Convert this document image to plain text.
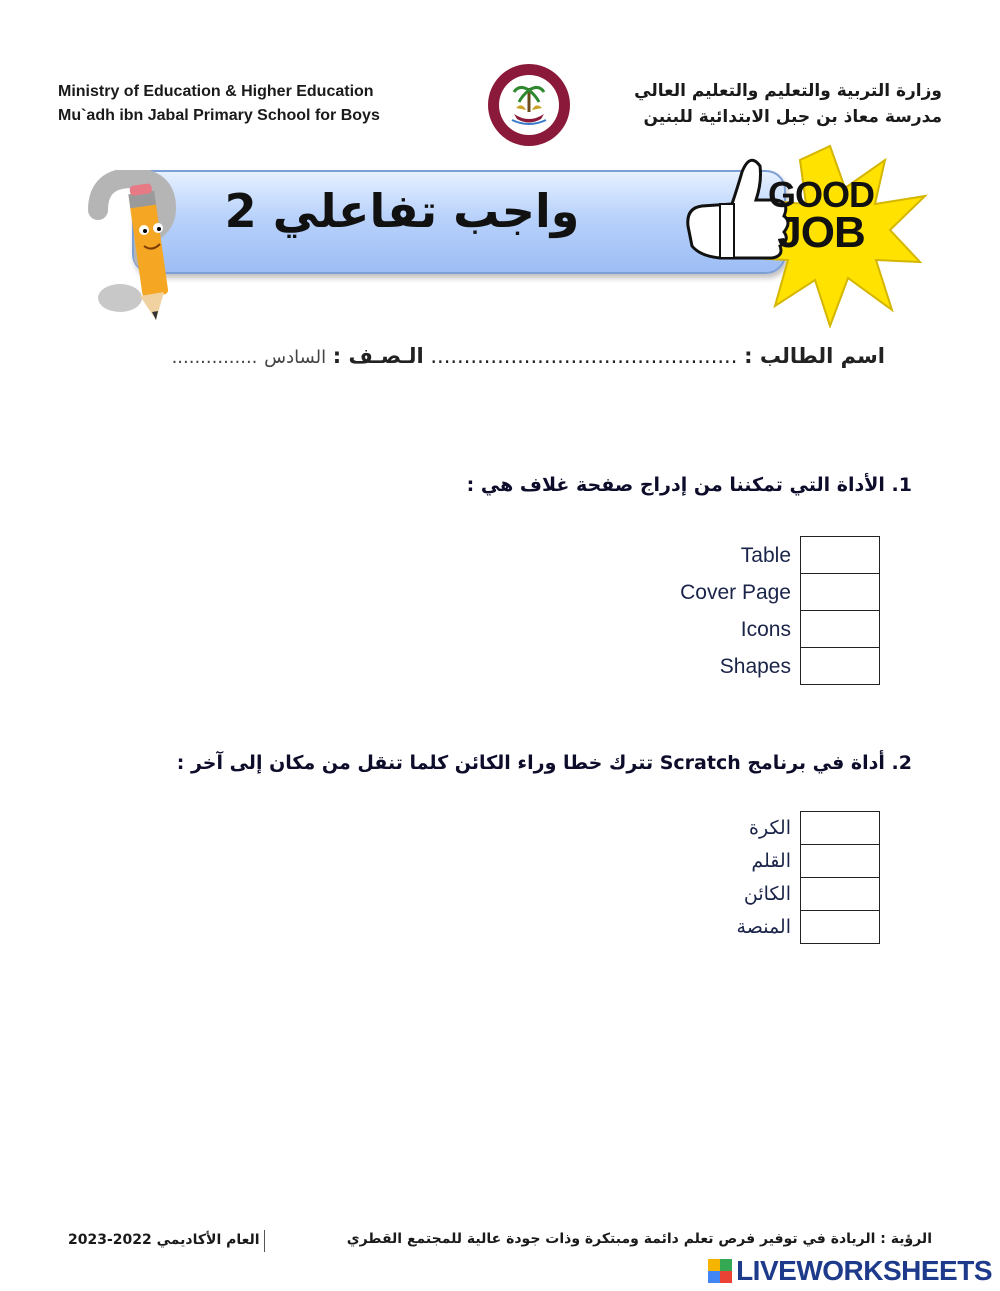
Ministry of Education & Higher Education
Mu`adh ibn Jabal Primary School for Boys
وزارة التربية والتعليم والتعليم العالي
مدرسة معاذ بن جبل الابتدائية للبنين
واجب تفاعلي 2	GOOD
JOB
اسم الطالب : .............................................. الـصـف : السادس ...............
1. الأداة التي تمكننا من إدراج صفحة غلاف هي :
Table
Cover Page
Icons
Shapes
2. أداة في برنامج Scratch تترك خطا وراء الكائن كلما تنقل من مكان إلى آخر :
الكرة
القلم
الكائن
المنصة
الرؤية : الريادة في توفير فرص تعلم دائمة ومبتكرة وذات جودة عالية للمجتمع القطري
العام الأكاديمي 2022-2023
LIVEWORKSHEETS
